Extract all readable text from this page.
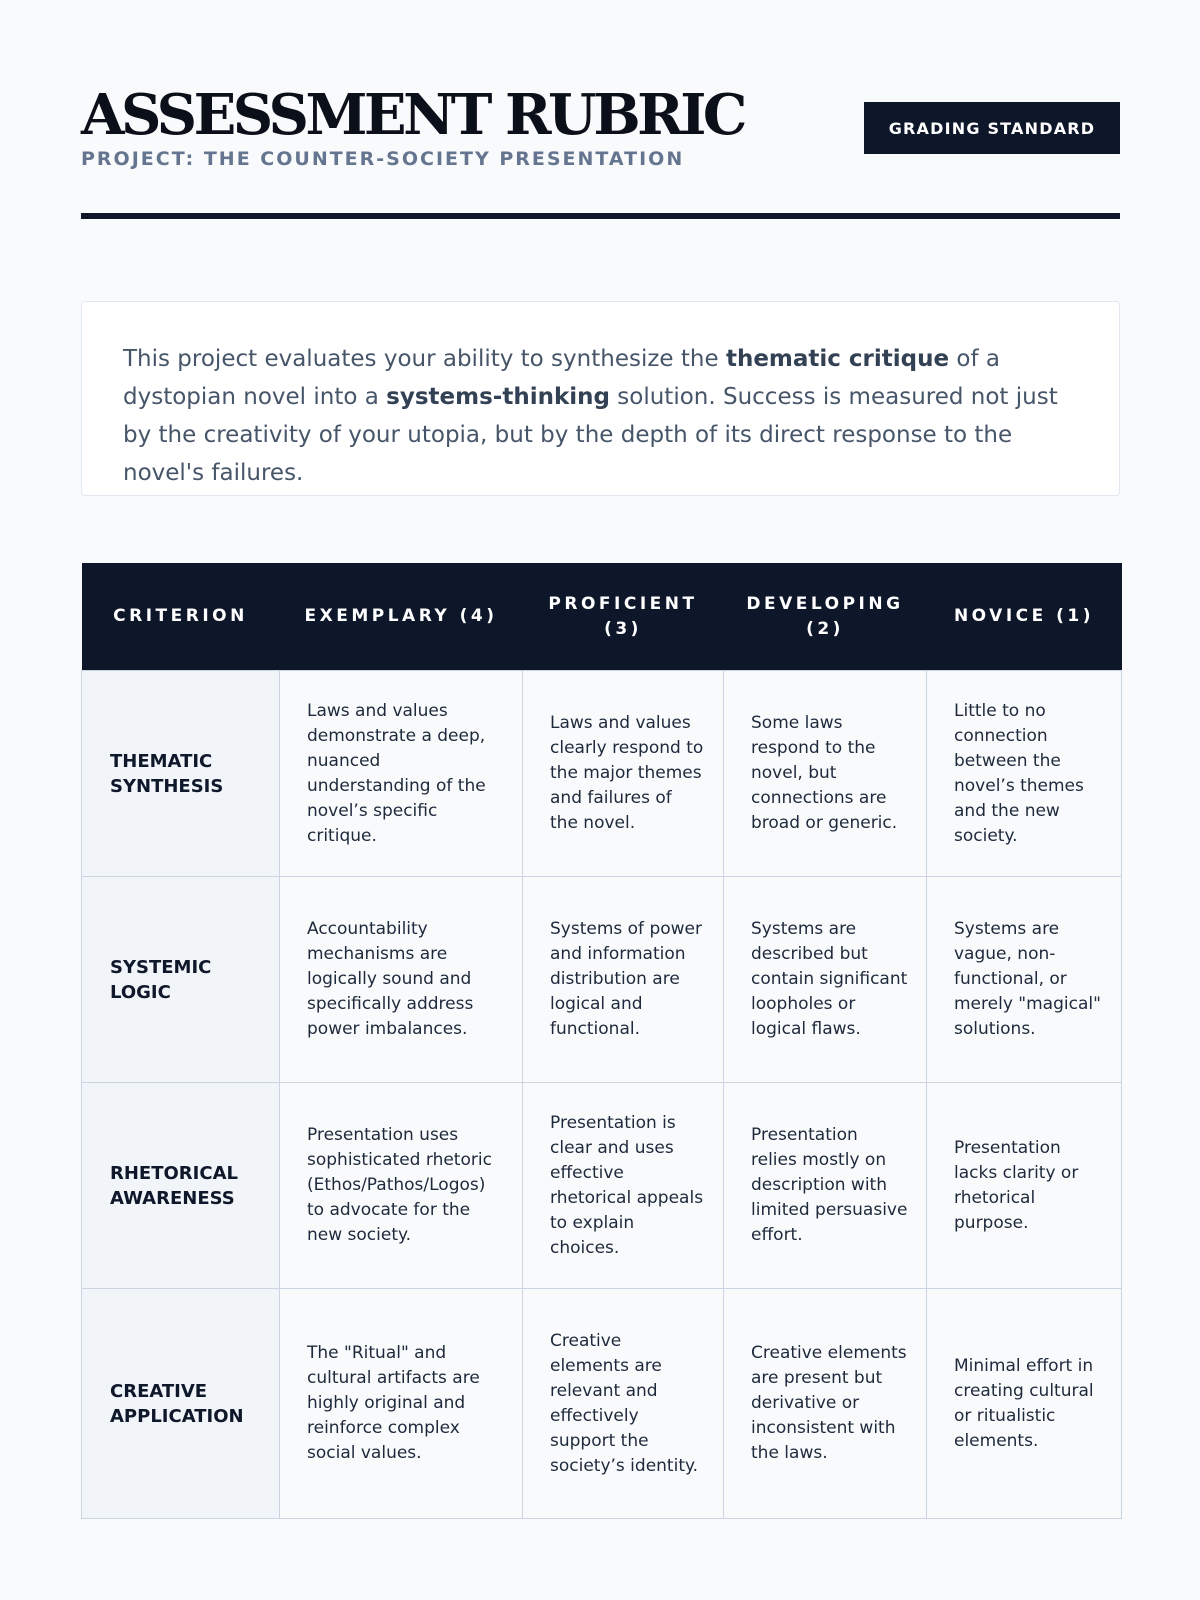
ASSESSMENT RUBRIC
PROJECT: THE COUNTER-SOCIETY PRESENTATION
GRADING STANDARD
This project evaluates your ability to synthesize the thematic critique of a dystopian novel into a systems-thinking solution. Success is measured not just by the creativity of your utopia, but by the depth of its direct response to the novel's failures.
CRITERION	EXEMPLARY (4)	PROFICIENT (3)	DEVELOPING (2)	NOVICE (1)
THEMATIC SYNTHESIS	Laws and values demonstrate a deep, nuanced understanding of the novel’s specific critique.	Laws and values clearly respond to the major themes and failures of the novel.	Some laws respond to the novel, but connections are broad or generic.	Little to no connection between the novel’s themes and the new society.
SYSTEMIC LOGIC	Accountability mechanisms are logically sound and specifically address power imbalances.	Systems of power and information distribution are logical and functional.	Systems are described but contain significant loopholes or logical flaws.	Systems are vague, non-functional, or merely "magical" solutions.
RHETORICAL AWARENESS	Presentation uses sophisticated rhetoric (Ethos/Pathos/Logos) to advocate for the new society.	Presentation is clear and uses effective rhetorical appeals to explain choices.	Presentation relies mostly on description with limited persuasive effort.	Presentation lacks clarity or rhetorical purpose.
CREATIVE APPLICATION	The "Ritual" and cultural artifacts are highly original and reinforce complex social values.	Creative elements are relevant and effectively support the society’s identity.	Creative elements are present but derivative or inconsistent with the laws.	Minimal effort in creating cultural or ritualistic elements.
